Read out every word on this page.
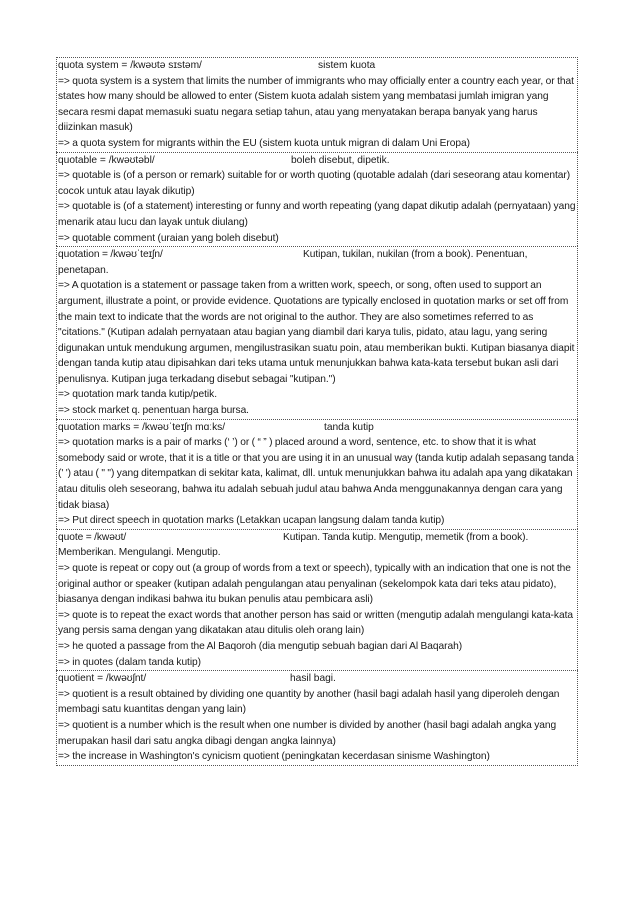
quota system = /kwəʊtə sɪstəm/	sistem kuota
=> quota system is a system that limits the number of immigrants who may officially enter a country each year, or that states how many should be allowed to enter (Sistem kuota adalah sistem yang membatasi jumlah imigran yang secara resmi dapat memasuki suatu negara setiap tahun, atau yang menyatakan berapa banyak yang harus diizinkan masuk)
=> a quota system for migrants within the EU (sistem kuota untuk migran di dalam Uni Eropa)
quotable = /kwəʊtəbl/	boleh disebut, dipetik.
=> quotable is (of a person or remark) suitable for or worth quoting (quotable adalah (dari seseorang atau komentar) cocok untuk atau layak dikutip)
=> quotable is (of a statement) interesting or funny and worth repeating (yang dapat dikutip adalah (pernyataan) yang menarik atau lucu dan layak untuk diulang)
=> quotable comment (uraian yang boleh disebut)
quotation = /kwəʊˈteɪʃn/	Kutipan, tukilan, nukilan (from a book). Penentuan, penetapan.
=> A quotation is a statement or passage taken from a written work, speech, or song, often used to support an argument, illustrate a point, or provide evidence. Quotations are typically enclosed in quotation marks or set off from the main text to indicate that the words are not original to the author. They are also sometimes referred to as "citations." (Kutipan adalah pernyataan atau bagian yang diambil dari karya tulis, pidato, atau lagu, yang sering digunakan untuk mendukung argumen, mengilustrasikan suatu poin, atau memberikan bukti. Kutipan biasanya diapit dengan tanda kutip atau dipisahkan dari teks utama untuk menunjukkan bahwa kata-kata tersebut bukan asli dari penulisnya. Kutipan juga terkadang disebut sebagai "kutipan.")
=> quotation mark tanda kutip/petik.
=> stock market q. penentuan harga bursa.
quotation marks = /kwəʊˈteɪʃn mɑːks/	tanda kutip
=> quotation marks is a pair of marks (‘ ’) or ( “ ” ) placed around a word, sentence, etc. to show that it is what somebody said or wrote, that it is a title or that you are using it in an unusual way (tanda kutip adalah sepasang tanda (' ') atau ( " ") yang ditempatkan di sekitar kata, kalimat, dll. untuk menunjukkan bahwa itu adalah apa yang dikatakan atau ditulis oleh seseorang, bahwa itu adalah sebuah judul atau bahwa Anda menggunakannya dengan cara yang tidak biasa)
=> Put direct speech in quotation marks (Letakkan ucapan langsung dalam tanda kutip)
quote = /kwəʊt/	Kutipan. Tanda kutip. Mengutip, memetik (from a book). Memberikan. Mengulangi. Mengutip.
=> quote is repeat or copy out (a group of words from a text or speech), typically with an indication that one is not the original author or speaker (kutipan adalah pengulangan atau penyalinan (sekelompok kata dari teks atau pidato), biasanya dengan indikasi bahwa itu bukan penulis atau pembicara asli)
=> quote is to repeat the exact words that another person has said or written (mengutip adalah mengulangi kata-kata yang persis sama dengan yang dikatakan atau ditulis oleh orang lain)
=> he quoted a passage from the Al Baqoroh (dia mengutip sebuah bagian dari Al Baqarah)
=> in quotes (dalam tanda kutip)
quotient = /kwəʊʃnt/	hasil bagi.
=> quotient is a result obtained by dividing one quantity by another (hasil bagi adalah hasil yang diperoleh dengan membagi satu kuantitas dengan yang lain)
=> quotient is a number which is the result when one number is divided by another (hasil bagi adalah angka yang merupakan hasil dari satu angka dibagi dengan angka lainnya)
=> the increase in Washington's cynicism quotient (peningkatan kecerdasan sinisme Washington)
